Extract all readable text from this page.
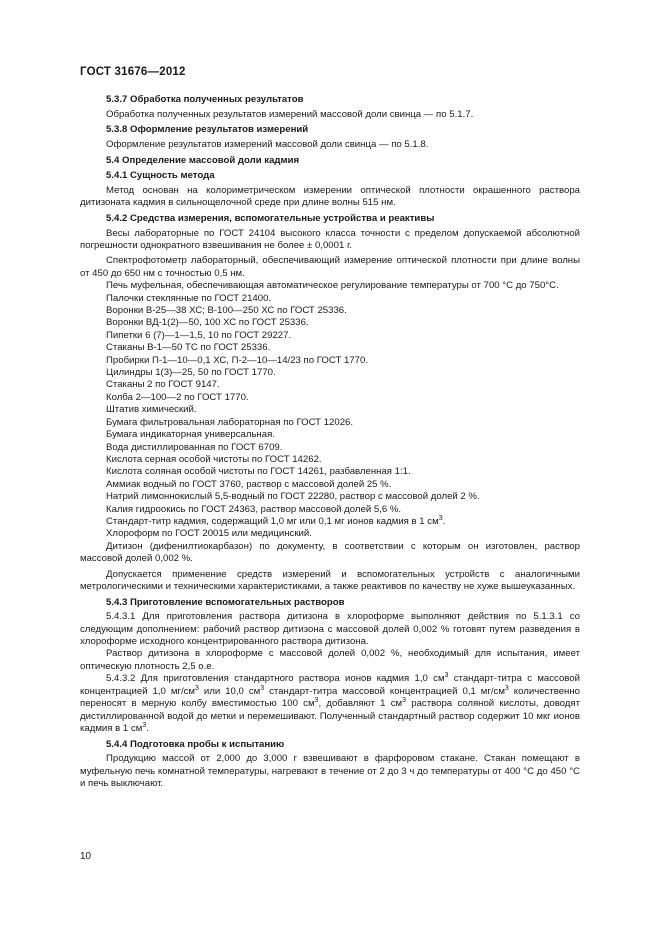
ГОСТ 31676—2012

5.3.7 Обработка полученных результатов

Обработка полученных результатов измерений массовой доли свинца — по 5.1.7.

5.3.8 Оформление результатов измерений

Оформление результатов измерений массовой доли свинца — по 5.1.8.

5.4 Определение массовой доли кадмия

5.4.1 Сущность метода

Метод основан на колориметрическом измерении оптической плотности окрашенного раствора дитизоната кадмия в сильнощелочной среде при длине волны 515 нм.

5.4.2 Средства измерения, вспомогательные устройства и реактивы

Весы лабораторные по ГОСТ 24104 высокого класса точности с пределом допускаемой абсолютной погрешности однократного взвешивания не более ± 0,0001 г.

Спектрофотометр лабораторный, обеспечивающий измерение оптической плотности при длине волны от 450 до 650 нм с точностью 0,5 нм.

Печь муфельная, обеспечивающая автоматическое регулирование температуры от 700 °С до 750°С.

Палочки стеклянные по ГОСТ 21400.

Воронки В-25—38 ХС; В-100—250 ХС по ГОСТ 25336.

Воронки ВД-1(2)—50, 100 ХС по ГОСТ 25336.

Пипетки 6 (7)—1—1,5, 10 по ГОСТ 29227.

Стаканы В-1—50 ТС по ГОСТ 25336.

Пробирки П-1—10—0,1 ХС, П-2—10—14/23 по ГОСТ 1770.

Цилиндры 1(3)—25, 50 по ГОСТ 1770.

Стаканы 2 по ГОСТ 9147.

Колба 2—100—2 по ГОСТ 1770.

Штатив химический.

Бумага фильтровальная лабораторная по ГОСТ 12026.

Бумага индикаторная универсальная.

Вода дистиллированная по ГОСТ 6709.

Кислота серная особой чистоты по ГОСТ 14262.

Кислота соляная особой чистоты по ГОСТ 14261, разбавленная 1:1.

Аммиак водный по ГОСТ 3760, раствор с массовой долей 25 %.

Натрий лимоннокислый 5,5-водный по ГОСТ 22280, раствор с массовой долей 2 %.

Калия гидроокись по ГОСТ 24363, раствор массовой долей 5,6 %.

Стандарт-титр кадмия, содержащий 1,0 мг или 0,1 мг ионов кадмия в 1 $см^3$.

Хлороформ по ГОСТ 20015 или медицинский.

Дитизон (дифенилтиокарбазон) по документу, в соответствии с которым он изготовлен, раствор массовой долей 0,002 %.

Допускается применение средств измерений и вспомогательных устройств с аналогичными метрологическими и техническими характеристиками, а также реактивов по качеству не хуже вышеуказанных.

5.4.3 Приготовление вспомогательных растворов

5.4.3.1 Для приготовления раствора дитизона в хлороформе выполняют действия по 5.1.3.1 со следующим дополнением: рабочий раствор дитизона с массовой долей 0,002 % готовят путем разведения в хлороформе исходного концентрированного раствора дитизона.

Раствор дитизона в хлороформе с массовой долей 0,002 %, необходимый для испытания, имеет оптическую плотность 2,5 о.е.

5.4.3.2 Для приготовления стандартного раствора ионов кадмия 1,0 $см^3$ стандарт-титра с массовой концентрацией 1,0 $мг/см^3$ или 10,0 $см^3$ стандарт-титра массовой концентрацией 0,1 $мг/см^3$ количественно переносят в мерную колбу вместимостью 100 $см^3$, добавляют 1 $см^3$ раствора соляной кислоты, доводят дистиллированной водой до метки и перемешивают. Полученный стандартный раствор содержит 10 мкг ионов кадмия в 1 $см^3$.

5.4.4 Подготовка пробы к испытанию

Продукцию массой от 2,000 до 3,000 г взвешивают в фарфоровом стакане. Стакан помещают в муфельную печь комнатной температуры, нагревают в течение от 2 до 3 ч до температуры от 400 °С до 450 °С и печь выключают.

10
